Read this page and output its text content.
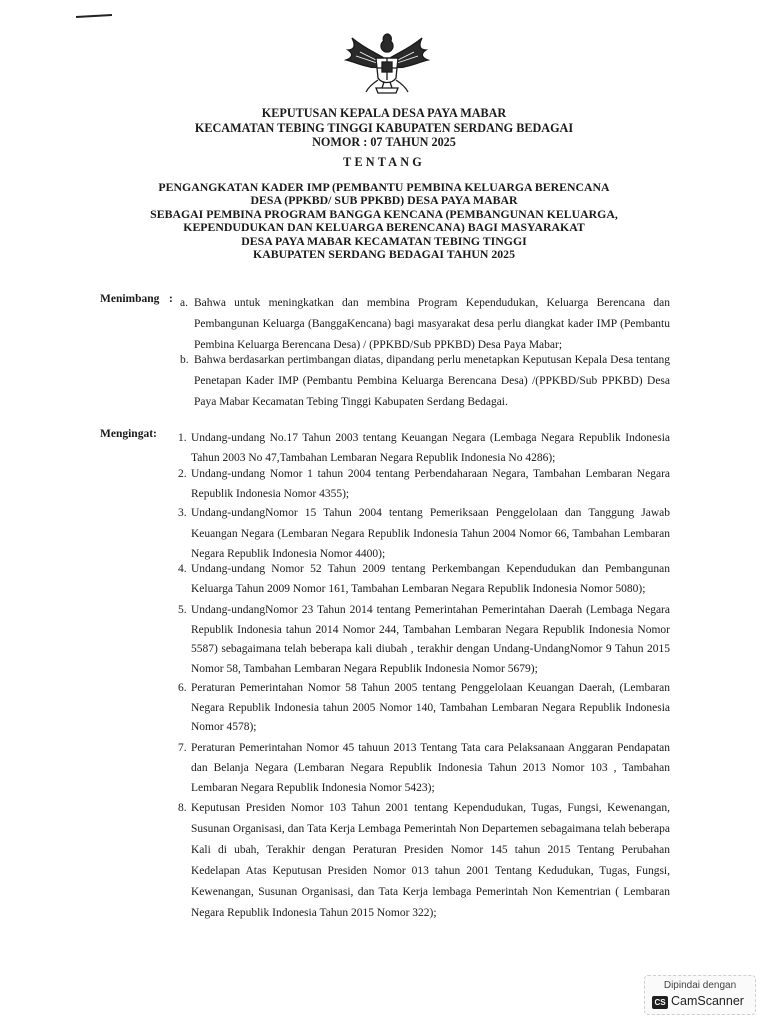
KEPUTUSAN KEPALA DESA PAYA MABAR
KECAMATAN TEBING TINGGI KABUPATEN SERDANG BEDAGAI
NOMOR : 07 TAHUN 2025
TENTANG
PENGANGKATAN KADER IMP (PEMBANTU PEMBINA KELUARGA BERENCANA
DESA (PPKBD/ SUB PPKBD) DESA PAYA MABAR
SEBAGAI PEMBINA PROGRAM BANGGA KENCANA (PEMBANGUNAN KELUARGA,
KEPENDUDUKAN DAN KELUARGA BERENCANA) BAGI MASYARAKAT
DESA PAYA MABAR KECAMATAN TEBING TINGGI
KABUPATEN SERDANG BEDAGAI TAHUN 2025
Menimbang : a. Bahwa untuk meningkatkan dan membina Program Kependudukan, Keluarga Berencana dan Pembangunan Keluarga (BanggaKencana) bagi masyarakat desa perlu diangkat kader IMP (Pembantu Pembina Keluarga Berencana Desa) / (PPKBD/Sub PPKBD) Desa Paya Mabar;
b. Bahwa berdasarkan pertimbangan diatas, dipandang perlu menetapkan Keputusan Kepala Desa tentang Penetapan Kader IMP (Pembantu Pembina Keluarga Berencana Desa) /(PPKBD/Sub PPKBD) Desa Paya Mabar Kecamatan Tebing Tinggi Kabupaten Serdang Bedagai.
Mengingat : 1. Undang-undang No.17 Tahun 2003 tentang Keuangan Negara (Lembaga Negara Republik Indonesia Tahun 2003 No 47,Tambahan Lembaran Negara Republik Indonesia No 4286);
2. Undang-undang Nomor 1 tahun 2004 tentang Perbendaharaan Negara, Tambahan Lembaran Negara Republik Indonesia Nomor 4355);
3. Undang-undangNomor 15 Tahun 2004 tentang Pemeriksaan Penggelolaan dan Tanggung Jawab Keuangan Negara (Lembaran Negara Republik Indonesia Tahun 2004 Nomor 66, Tambahan Lembaran Negara Republik Indonesia Nomor 4400);
4. Undang-undang Nomor 52 Tahun 2009 tentang Perkembangan Kependudukan dan Pembangunan Keluarga Tahun 2009 Nomor 161, Tambahan Lembaran Negara Republik Indonesia Nomor 5080);
5. Undang-undangNomor 23 Tahun 2014 tentang Pemerintahan Pemerintahan Daerah (Lembaga Negara Republik Indonesia tahun 2014 Nomor 244, Tambahan Lembaran Negara Republik Indonesia Nomor 5587) sebagaimana telah beberapa kali diubah , terakhir dengan Undang-UndangNomor 9 Tahun 2015 Nomor 58, Tambahan Lembaran Negara Republik Indonesia Nomor 5679);
6. Peraturan Pemerintahan Nomor 58 Tahun 2005 tentang Penggelolaan Keuangan Daerah, (Lembaran Negara Republik Indonesia tahun 2005 Nomor 140, Tambahan Lembaran Negara Republik Indonesia Nomor 4578);
7. Peraturan Pemerintahan Nomor 45 tahuun 2013 Tentang Tata cara Pelaksanaan Anggaran Pendapatan dan Belanja Negara (Lembaran Negara Republik Indonesia Tahun 2013 Nomor 103 , Tambahan Lembaran Negara Republik Indonesia Nomor 5423);
8. Keputusan Presiden Nomor 103 Tahun 2001 tentang Kependudukan, Tugas, Fungsi, Kewenangan, Susunan Organisasi, dan Tata Kerja Lembaga Pemerintah Non Departemen sebagaimana telah beberapa Kali di ubah, Terakhir dengan Peraturan Presiden Nomor 145 tahun 2015 Tentang Perubahan Kedelapan Atas Keputusan Presiden Nomor 013 tahun 2001 Tentang Kedudukan, Tugas, Fungsi, Kewenangan, Susunan Organisasi, dan Tata Kerja lembaga Pemerintah Non Kementrian ( Lembaran Negara Republik Indonesia Tahun 2015 Nomor 322);
Dipindai dengan
CS CamScanner
